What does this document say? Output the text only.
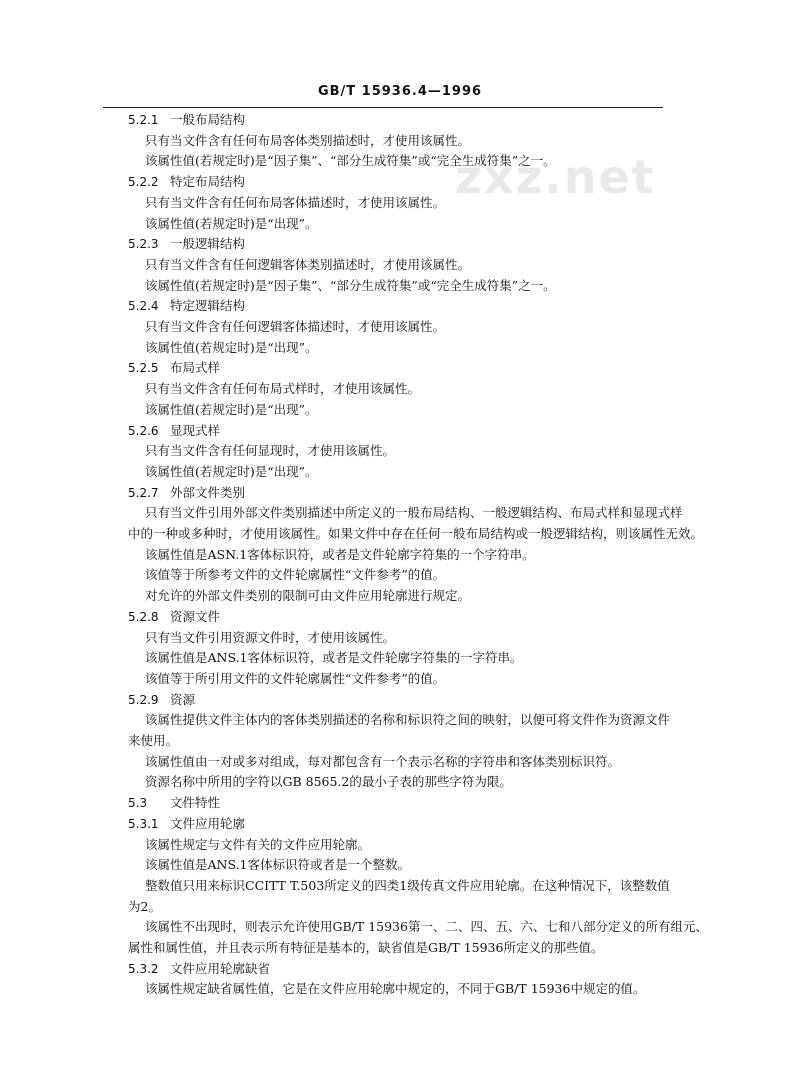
zxz.net
GB/T 15936.4—1996
5.2.1 一般布局结构
只有当文件含有任何布局客体类别描述时，才使用该属性。
该属性值(若规定时)是“因子集”、“部分生成符集”或“完全生成符集”之一。
5.2.2 特定布局结构
只有当文件含有任何布局客体描述时，才使用该属性。
该属性值(若规定时)是“出现”。
5.2.3 一般逻辑结构
只有当文件含有任何逻辑客体类别描述时，才使用该属性。
该属性值(若规定时)是“因子集”、“部分生成符集”或“完全生成符集”之一。
5.2.4 特定逻辑结构
只有当文件含有任何逻辑客体描述时，才使用该属性。
该属性值(若规定时)是“出现”。
5.2.5 布局式样
只有当文件含有任何布局式样时，才使用该属性。
该属性值(若规定时)是“出现”。
5.2.6 显现式样
只有当文件含有任何显现时，才使用该属性。
该属性值(若规定时)是“出现”。
5.2.7 外部文件类别
只有当文件引用外部文件类别描述中所定义的一般布局结构、一般逻辑结构、布局式样和显现式样
中的一种或多种时，才使用该属性。如果文件中存在任何一般布局结构或一般逻辑结构，则该属性无效。
该属性值是ASN.1客体标识符，或者是文件轮廓字符集的一个字符串。
该值等于所参考文件的文件轮廓属性“文件参考”的值。
对允许的外部文件类别的限制可由文件应用轮廓进行规定。
5.2.8 资源文件
只有当文件引用资源文件时，才使用该属性。
该属性值是ANS.1客体标识符，或者是文件轮廓字符集的一字符串。
该值等于所引用文件的文件轮廓属性“文件参考”的值。
5.2.9 资源
该属性提供文件主体内的客体类别描述的名称和标识符之间的映射，以便可将文件作为资源文件
来使用。
该属性值由一对或多对组成，每对都包含有一个表示名称的字符串和客体类别标识符。
资源名称中所用的字符以GB 8565.2的最小子表的那些字符为限。
5.3 文件特性
5.3.1 文件应用轮廓
该属性规定与文件有关的文件应用轮廓。
该属性值是ANS.1客体标识符或者是一个整数。
整数值只用来标识CCITT T.503所定义的四类1级传真文件应用轮廓。在这种情况下，该整数值
为2。
该属性不出现时，则表示允许使用GB/T 15936第一、二、四、五、六、七和八部分定义的所有组元、
属性和属性值，并且表示所有特征是基本的，缺省值是GB/T 15936所定义的那些值。
5.3.2 文件应用轮廓缺省
该属性规定缺省属性值，它是在文件应用轮廓中规定的，不同于GB/T 15936中规定的值。
